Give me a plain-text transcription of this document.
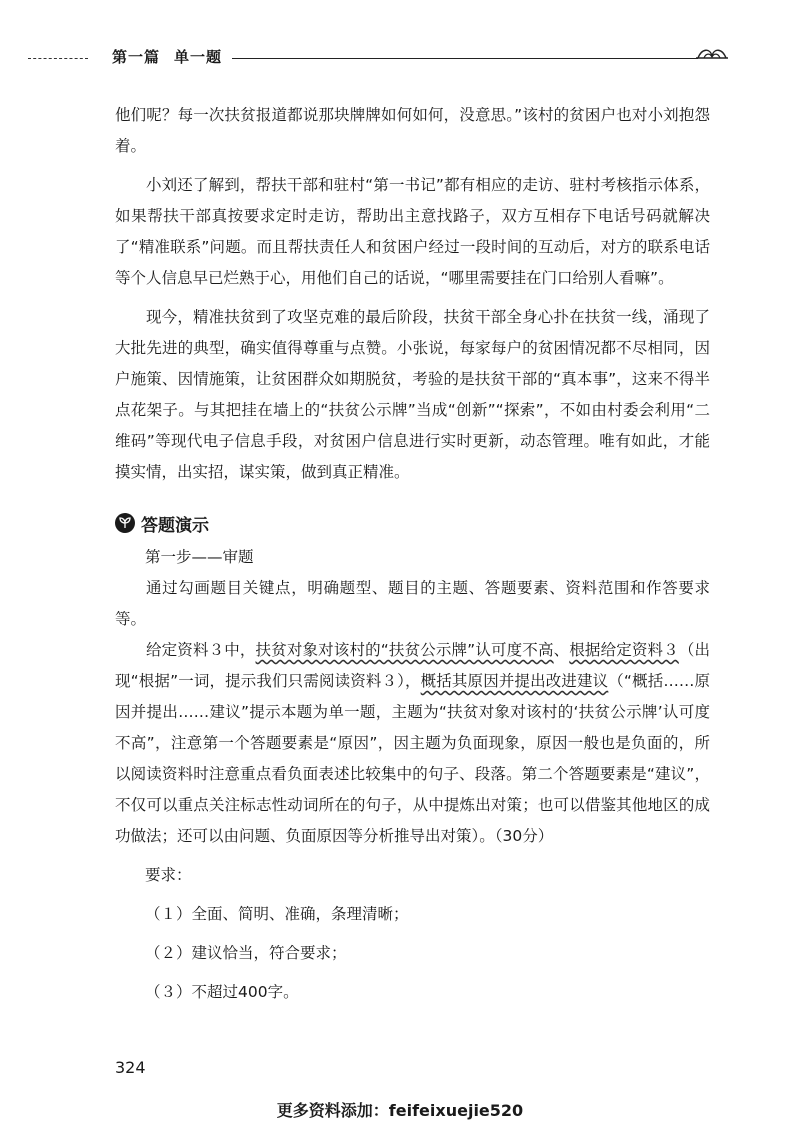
第一篇 单一题

他们呢？每一次扶贫报道都说那块牌牌如何如何，没意思。”该村的贫困户也对小刘抱怨着。

小刘还了解到，帮扶干部和驻村“第一书记”都有相应的走访、驻村考核指示体系，如果帮扶干部真按要求定时走访，帮助出主意找路子，双方互相存下电话号码就解决了“精准联系”问题。而且帮扶责任人和贫困户经过一段时间的互动后，对方的联系电话等个人信息早已烂熟于心，用他们自己的话说，“哪里需要挂在门口给别人看嘛”。

现今，精准扶贫到了攻坚克难的最后阶段，扶贫干部全身心扑在扶贫一线，涌现了大批先进的典型，确实值得尊重与点赞。小张说，每家每户的贫困情况都不尽相同，因户施策、因情施策，让贫困群众如期脱贫，考验的是扶贫干部的“真本事”，这来不得半点花架子。与其把挂在墙上的“扶贫公示牌”当成“创新”“探索”，不如由村委会利用“二维码”等现代电子信息手段，对贫困户信息进行实时更新，动态管理。唯有如此，才能摸实情，出实招，谋实策，做到真正精准。

答题演示

第一步——审题

通过勾画题目关键点，明确题型、题目的主题、答题要素、资料范围和作答要求等。

给定资料３中，扶贫对象对该村的“扶贫公示牌”认可度不高、根据给定资料３（出现“根据”一词，提示我们只需阅读资料３），概括其原因并提出改进建议（“概括……原因并提出……建议”提示本题为单一题，主题为“扶贫对象对该村的‘扶贫公示牌’认可度不高”，注意第一个答题要素是“原因”，因主题为负面现象，原因一般也是负面的，所以阅读资料时注意重点看负面表述比较集中的句子、段落。第二个答题要素是“建议”，不仅可以重点关注标志性动词所在的句子，从中提炼出对策；也可以借鉴其他地区的成功做法；还可以由问题、负面原因等分析推导出对策）。（30分）

要求：

（１）全面、简明、准确，条理清晰；

（２）建议恰当，符合要求；

（３）不超过400字。

324
更多资料添加：feifeixuejie520
